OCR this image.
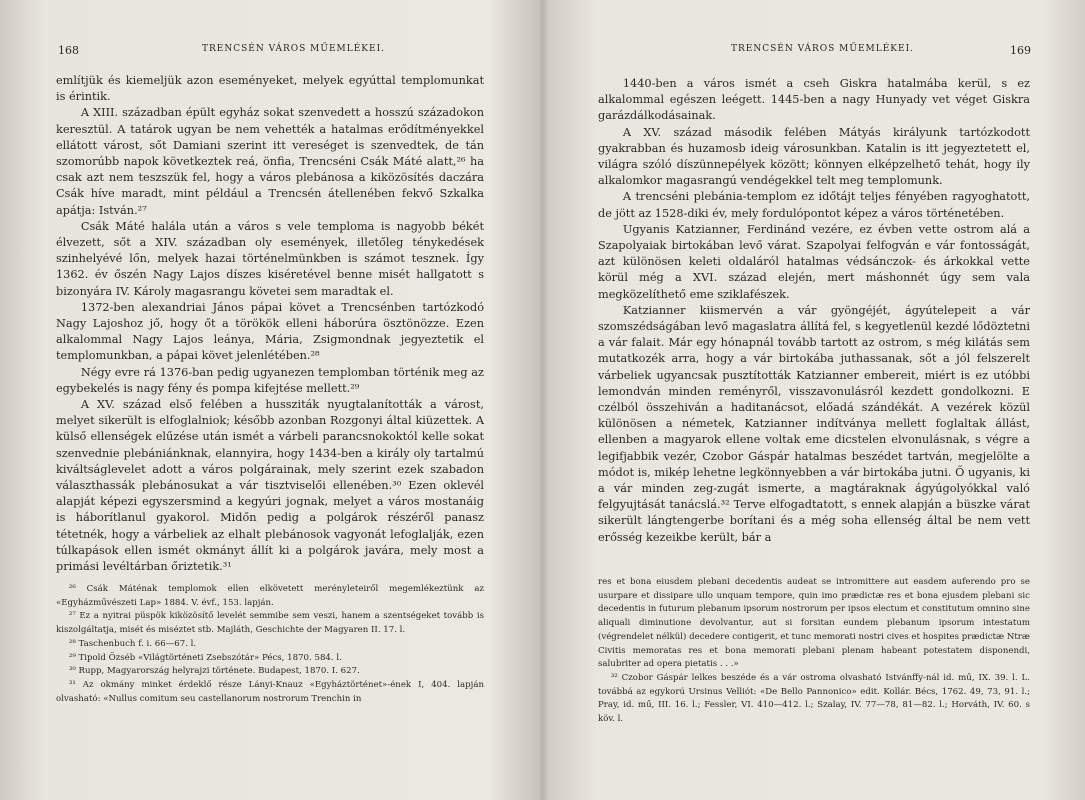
168	TRENCSÉN VÁROS MŰEMLÉKEI.

említjük és kiemeljük azon eseményeket, melyek egyúttal templomunkat is érintik.

A XIII. században épült egyház sokat szenvedett a hosszú századokon keresztül. A tatárok ugyan be nem vehették a hatalmas erődítményekkel ellátott várost, sőt Damiani szerint itt vereséget is szenvedtek, de tán szomorúbb napok következtek reá, önfia, Trencséni Csák Máté alatt,²⁶ ha csak azt nem teszszük fel, hogy a város plebánosa a kiközösítés daczára Csák híve maradt, mint például a Trencsén átellenében fekvő Szkalka apátja: István.²⁷

Csák Máté halála után a város s vele temploma is nagyobb békét élvezett, sőt a XIV. században oly események, illetőleg ténykedések szinhelyévé lőn, melyek hazai történelmünkben is számot tesznek. Így 1362. év őszén Nagy Lajos díszes kiséretével benne misét hallgatott s bizonyára IV. Károly magasrangu követei sem maradtak el.

1372-ben alexandriai János pápai követ a Trencsénben tartózkodó Nagy Lajoshoz jő, hogy őt a törökök elleni háborúra ösztönözze. Ezen alkalommal Nagy Lajos leánya, Mária, Zsigmondnak jegyeztetik el templomunkban, a pápai követ jelenlétében.²⁸

Négy evre rá 1376-ban pedig ugyanezen templomban történik meg az egybekelés is nagy fény és pompa kifejtése mellett.²⁹

A XV. század első felében a hussziták nyugtalanították a várost, melyet sikerült is elfoglalniok; később azonban Rozgonyi által kiüzettek. A külső ellenségek elűzése után ismét a várbeli parancsnokoktól kelle sokat szenvednie plebániánknak, elannyira, hogy 1434-ben a király oly tartalmú kiváltságlevelet adott a város polgárainak, mely szerint ezek szabadon választhassák plebánosukat a vár tisztviselői ellenében.³⁰ Ezen oklevél alapját képezi egyszersmind a kegyúri jognak, melyet a város mostanáig is háborítlanul gyakorol. Midőn pedig a polgárok részéről panasz tétetnék, hogy a várbeliek az elhalt plebánosok vagyonát lefoglalják, ezen túlkapások ellen ismét okmányt állít ki a polgárok javára, mely most a primási levéltárban őriztetik.³¹

²⁶ Csák Máténak templomok ellen elkövetett merényleteiről megemlékeztünk az «Egyházművészeti Lap» 1884. V. évf., 153. lapján.

²⁷ Ez a nyitrai püspök kiközösítő levelét semmibe sem veszi, hanem a szentségeket tovább is kiszolgáltatja, misét és miséztet stb. Majláth, Geschichte der Magyaren II. 17. l.

²⁸ Taschenbuch f. i. 66—67. l.

²⁹ Tipold Özséb «Világtörténeti Zsebszótár» Pécs, 1870. 584. l.

³⁰ Rupp, Magyarország helyrajzi története. Budapest, 1870. I. 627.

³¹ Az okmány minket érdeklő része Lányi-Knauz «Egyháztörténet»-ének I, 404. lapján olvasható: «Nullus comitum seu castellanorum nostrorum Trenchin in

TRENCSÉN VÁROS MŰEMLÉKEI.	169

1440-ben a város ismét a cseh Giskra hatalmába kerül, s ez alkalommal egészen leégett. 1445-ben a nagy Hunyady vet véget Giskra garázdálkodásainak.

A XV. század második felében Mátyás királyunk tartózkodott gyakrabban és huzamosb ideig városunkban. Katalin is itt jegyeztetett el, világra szóló díszünnepélyek között; könnyen elképzelhető tehát, hogy ily alkalomkor magasrangú vendégekkel telt meg templomunk.

A trencséni plebánia-templom ez időtájt teljes fényében ragyoghatott, de jött az 1528-diki év, mely fordulópontot képez a város történetében.

Ugyanis Katzianner, Ferdinánd vezére, ez évben vette ostrom alá a Szapolyaiak birtokában levő várat. Szapolyai felfogván e vár fontosságát, azt különösen keleti oldaláról hatalmas védsánczok- és árkokkal vette körül még a XVI. század elején, mert máshonnét úgy sem vala megközelíthető eme sziklafészek.

Katzianner kiismervén a vár gyöngéjét, ágyútelepeit a vár szomszédságában levő magaslatra állítá fel, s kegyetlenül kezdé lődöztetni a vár falait. Már egy hónapnál tovább tartott az ostrom, s még kilátás sem mutatkozék arra, hogy a vár birtokába juthassanak, sőt a jól felszerelt várbeliek ugyancsak pusztították Katzianner embereit, miért is ez utóbbi lemondván minden reményről, visszavonulásról kezdett gondolkozni. E czélból összehiván a haditanácsot, előadá szándékát. A vezérek közül különösen a németek, Katzianner indítványa mellett foglaltak állást, ellenben a magyarok ellene voltak eme dicstelen elvonulásnak, s végre a legifjabbik vezér, Czobor Gáspár hatalmas beszédet tartván, megjelölte a módot is, mikép lehetne legkönnyebben a vár birtokába jutni. Ő ugyanis, ki a vár minden zeg-zugát ismerte, a magtáraknak ágyúgolyókkal való felgyujtását tanácslá.³² Terve elfogadtatott, s ennek alapján a büszke várat sikerült lángtengerbe borítani és a még soha ellenség által be nem vett erősség kezeikbe került, bár a

res et bona eiusdem plebani decedentis audeat se intromittere aut easdem auferendo pro se usurpare et dissipare ullo unquam tempore, quin imo prædictæ res et bona ejusdem plebani sic decedentis in futurum plebanum ipsorum nostrorum per ipsos electum et constitutum omnino sine aliquali diminutione devolvantur, aut si forsitan eundem plebanum ipsorum intestatum (végrendelet nélkül) decedere contigerit, et tunc memorati nostri cives et hospites prædictæ Ntræ Civitis memoratas res et bona memorati plebani plenam habeant potestatem disponendi, salubriter ad opera pietatis . . .»

³² Czobor Gáspár lelkes beszéde és a vár ostroma olvasható Istvánffy-nál id. mű, IX. 39. l. L. továbbá az egykorú Ursinus Velliót: «De Bello Pannonico» edit. Kollár. Bécs, 1762. 49, 73, 91. l.; Pray, id. mű, III. 16. l.; Fessler, VI. 410—412. l.; Szalay, IV. 77—78, 81—82. l.; Horváth, IV. 60. s köv. l.
